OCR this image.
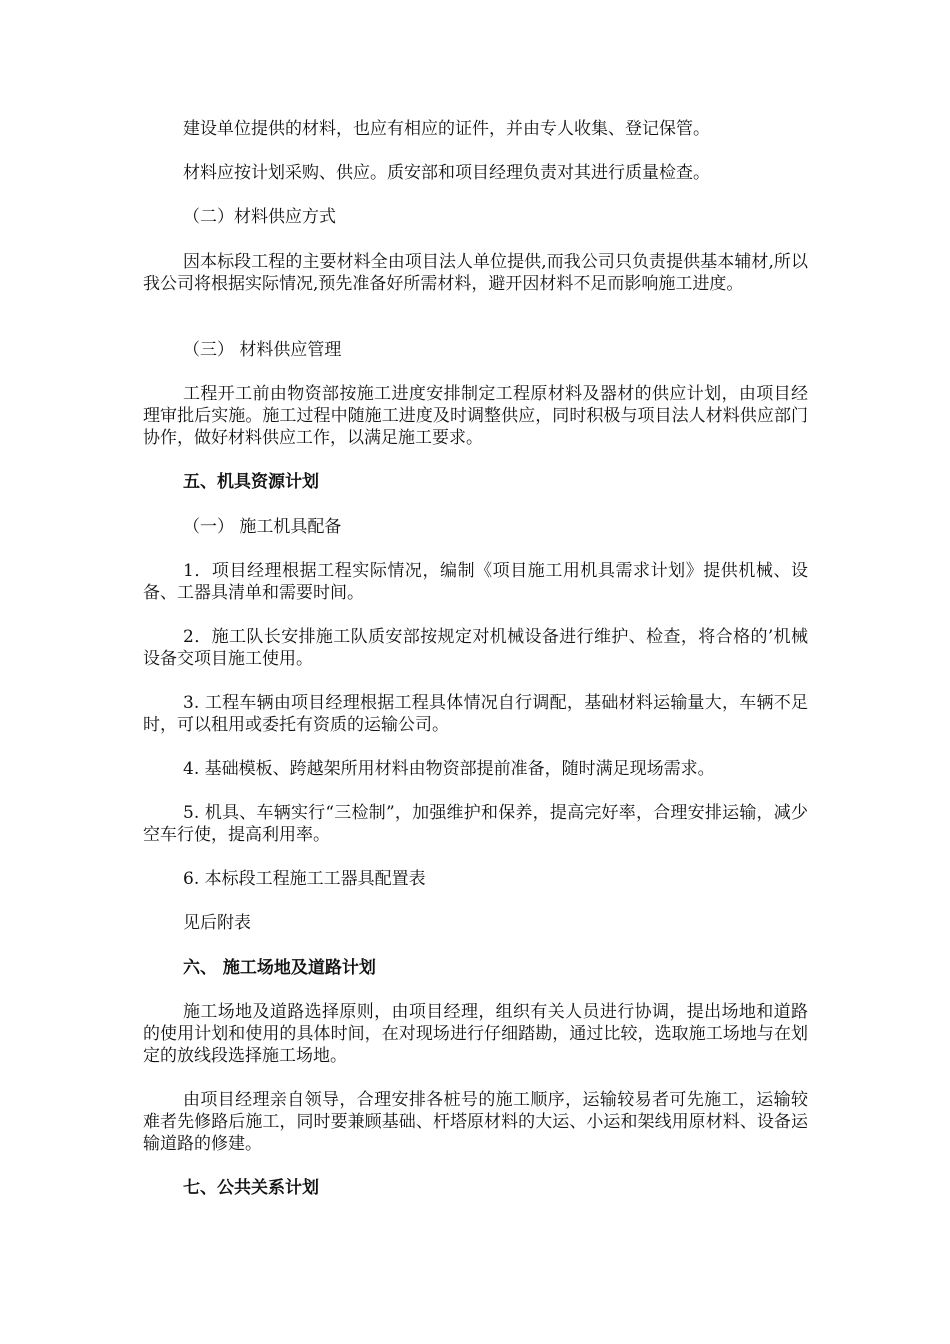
建设单位提供的材料，也应有相应的证件，并由专人收集、登记保管。

材料应按计划采购、供应。质安部和项目经理负责对其进行质量检查。

（二）材料供应方式

因本标段工程的主要材料全由项目法人单位提供,而我公司只负责提供基本辅材,所以我公司将根据实际情况,预先准备好所需材料，避开因材料不足而影响施工进度。

（三） 材料供应管理

工程开工前由物资部按施工进度安排制定工程原材料及器材的供应计划，由项目经理审批后实施。施工过程中随施工进度及时调整供应，同时积极与项目法人材料供应部门协作，做好材料供应工作，以满足施工要求。

五、机具资源计划

（一） 施工机具配备

1．项目经理根据工程实际情况，编制《项目施工用机具需求计划》提供机械、设备、工器具清单和需要时间。

2．施工队长安排施工队质安部按规定对机械设备进行维护、检查，将合格的’机械设备交项目施工使用。

3. 工程车辆由项目经理根据工程具体情况自行调配，基础材料运输量大，车辆不足时，可以租用或委托有资质的运输公司。

4. 基础模板、跨越架所用材料由物资部提前准备，随时满足现场需求。

5. 机具、车辆实行“三检制”，加强维护和保养，提高完好率，合理安排运输，减少空车行使，提高利用率。

6. 本标段工程施工工器具配置表

见后附表

六、 施工场地及道路计划

施工场地及道路选择原则，由项目经理，组织有关人员进行协调，提出场地和道路的使用计划和使用的具体时间，在对现场进行仔细踏勘，通过比较，选取施工场地与在划定的放线段选择施工场地。

由项目经理亲自领导，合理安排各桩号的施工顺序，运输较易者可先施工，运输较难者先修路后施工，同时要兼顾基础、杆塔原材料的大运、小运和架线用原材料、设备运输道路的修建。

七、公共关系计划
